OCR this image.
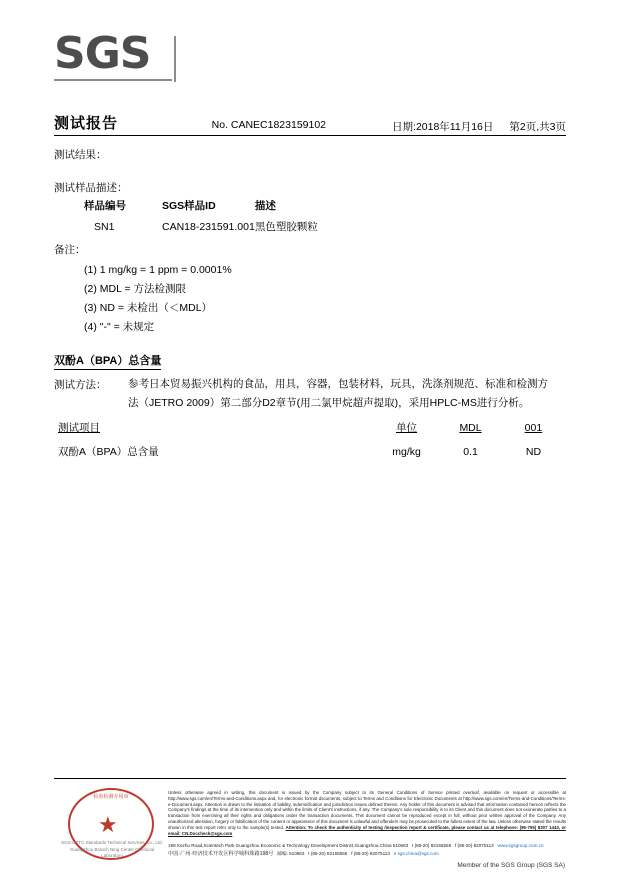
SGS
测试报告	No. CANEC1823159102	日期:2018年11月16日 第2页,共3页
测试结果：
测试样品描述：
样品编号	SGS样品ID	描述
SN1	CAN18-231591.001	黑色塑胶颗粒
备注：
(1) 1 mg/kg = 1 ppm = 0.0001%
(2) MDL = 方法检测限
(3) ND = 未检出（＜MDL）
(4) "-" = 未规定
双酚A（BPA）总含量
测试方法： 参考日本贸易振兴机构的食品，用具，容器，包装材料，玩具，洗涤剂规范、标准和检测方
法（JETRO 2009）第二部分D2章节(用二氯甲烷超声提取)，采用HPLC-MS进行分析。
测试项目	单位	MDL	001
双酚A（BPA）总含量	mg/kg	0.1	ND
检验检测专用章
★
SGS-CSTC Standards Technical Services Co., Ltd.
Guangzhou Branch Ning Center Chemical Laboratory
Unless otherwise agreed in writing, this document is issued by the Company subject to its General Conditions of Service printed overleaf, available on request or accessible at http://www.sgs.com/en/Terms-and-Conditions.aspx and, for electronic format documents, subject to Terms and Conditions for Electronic Documents at http://www.sgs.com/en/Terms-and-Conditions/Terms-e-Document.aspx. Attention is drawn to the limitation of liability, indemnification and jurisdiction issues defined therein. Any holder of this document is advised that information contained hereon reflects the Company's findings at the time of its intervention only and within the limits of Client's instructions, if any. The Company's sole responsibility is to its Client and this document does not exonerate parties to a transaction from exercising all their rights and obligations under the transaction documents. This document cannot be reproduced except in full, without prior written approval of the Company. Any unauthorized alteration, forgery or falsification of the content or appearance of this document is unlawful and offenders may be prosecuted to the fullest extent of the law. Unless otherwise stated the results shown in this test report refer only to the sample(s) tested. Attention: To check the authenticity of testing /inspection report & certificate, please contact us at telephone: (86-755) 8307 1443, or email: CN.Doccheck@sgs.com
198 Kezhu Road,Scientech Park Guangzhou Economic & Technology Development District,Guangzhou,China 510663 t (86-20) 82155555 f (86-20) 82075113 www.sgsgroup.com.cn
中国·广州·经济技术开发区科学城科珠路198号 邮编: 510663 t (86-20) 82155555 f (86-20) 82075113 e sgs.china@sgs.com
Member of the SGS Group (SGS SA)
